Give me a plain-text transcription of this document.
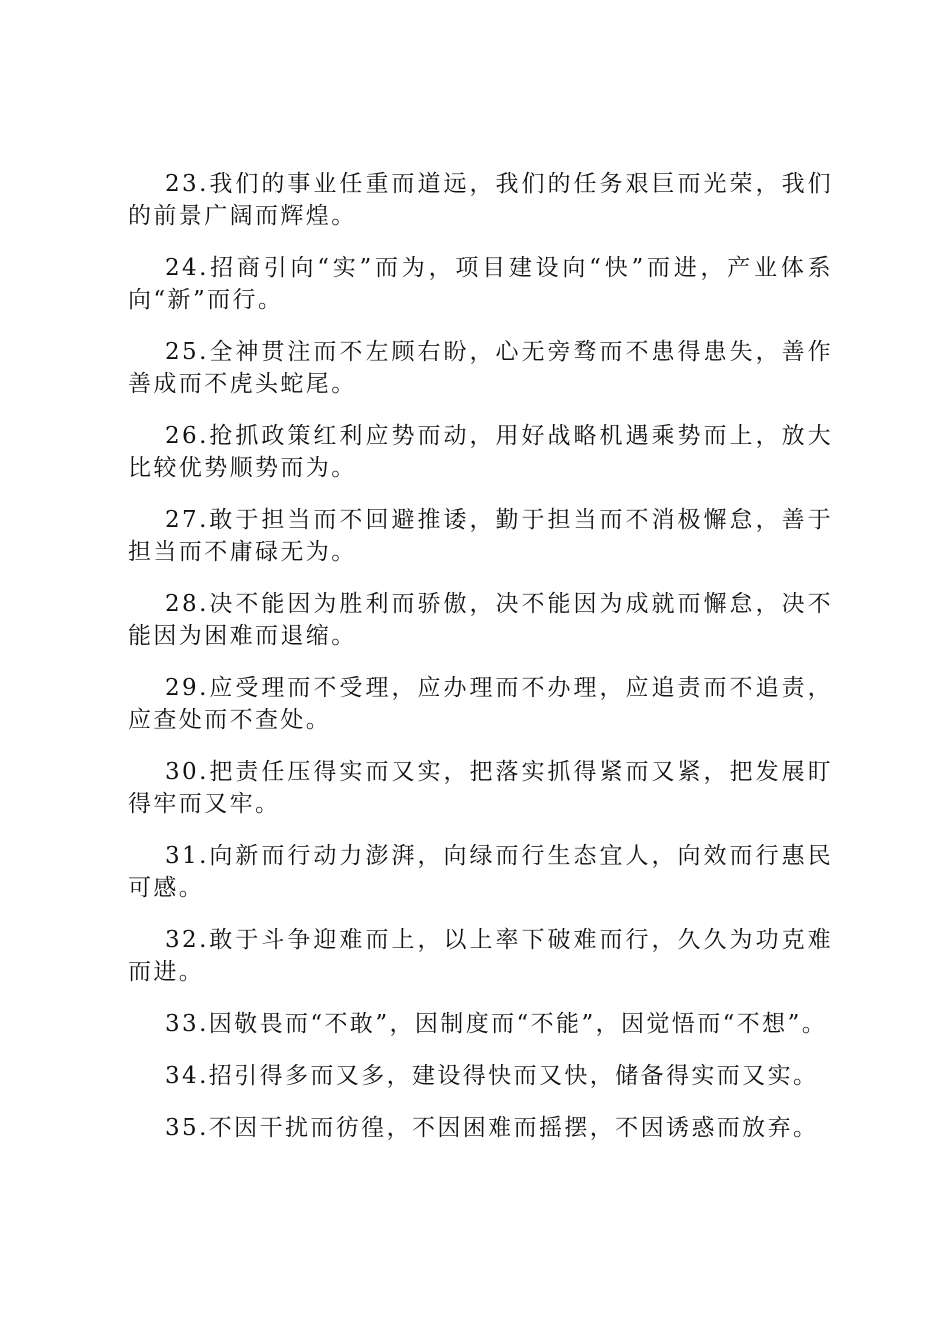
23.我们的事业任重而道远，我们的任务艰巨而光荣，我们的前景广阔而辉煌。

24.招商引向“实”而为，项目建设向“快”而进，产业体系向“新”而行。

25.全神贯注而不左顾右盼，心无旁骛而不患得患失，善作善成而不虎头蛇尾。

26.抢抓政策红利应势而动，用好战略机遇乘势而上，放大比较优势顺势而为。

27.敢于担当而不回避推诿，勤于担当而不消极懈怠，善于担当而不庸碌无为。

28.决不能因为胜利而骄傲，决不能因为成就而懈怠，决不能因为困难而退缩。

29.应受理而不受理，应办理而不办理，应追责而不追责，应查处而不查处。

30.把责任压得实而又实，把落实抓得紧而又紧，把发展盯得牢而又牢。

31.向新而行动力澎湃，向绿而行生态宜人，向效而行惠民可感。

32.敢于斗争迎难而上，以上率下破难而行，久久为功克难而进。

33.因敬畏而“不敢”，因制度而“不能”，因觉悟而“不想”。

34.招引得多而又多，建设得快而又快，储备得实而又实。

35.不因干扰而彷徨，不因困难而摇摆，不因诱惑而放弃。
